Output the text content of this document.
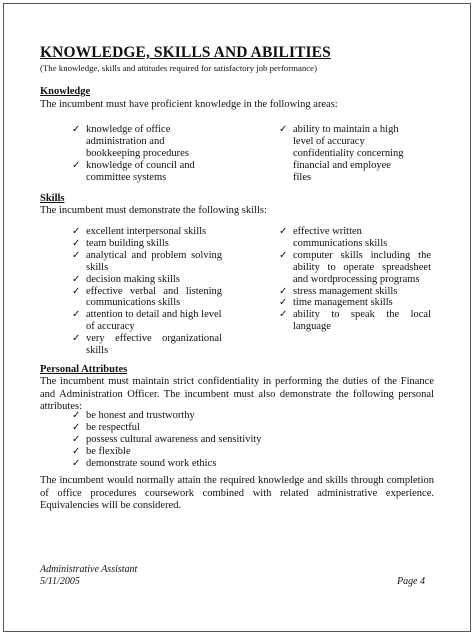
KNOWLEDGE, SKILLS AND ABILITIES
(The knowledge, skills and attitudes required for satisfactory job performance)
Knowledge
The incumbent must have proficient knowledge in the following areas:
✓ knowledge of office administration and bookkeeping procedures
✓ knowledge of council and committee systems
✓ ability to maintain a high level of accuracy confidentiality concerning financial and employee files
Skills
The incumbent must demonstrate the following skills:
✓ excellent interpersonal skills
✓ team building skills
✓ analytical and problem solving skills
✓ decision making skills
✓ effective verbal and listening communications skills
✓ attention to detail and high level of accuracy
✓ very effective organizational skills
✓ effective written communications skills
✓ computer skills including the ability to operate spreadsheet and wordprocessing programs
✓ stress management skills
✓ time management skills
✓ ability to speak the local language
Personal Attributes
The incumbent must maintain strict confidentiality in performing the duties of the Finance and Administration Officer. The incumbent must also demonstrate the following personal attributes:
✓ be honest and trustworthy
✓ be respectful
✓ possess cultural awareness and sensitivity
✓ be flexible
✓ demonstrate sound work ethics
The incumbent would normally attain the required knowledge and skills through completion of office procedures coursework combined with related administrative experience. Equivalencies will be considered.
Administrative Assistant
5/11/2005	Page 4
